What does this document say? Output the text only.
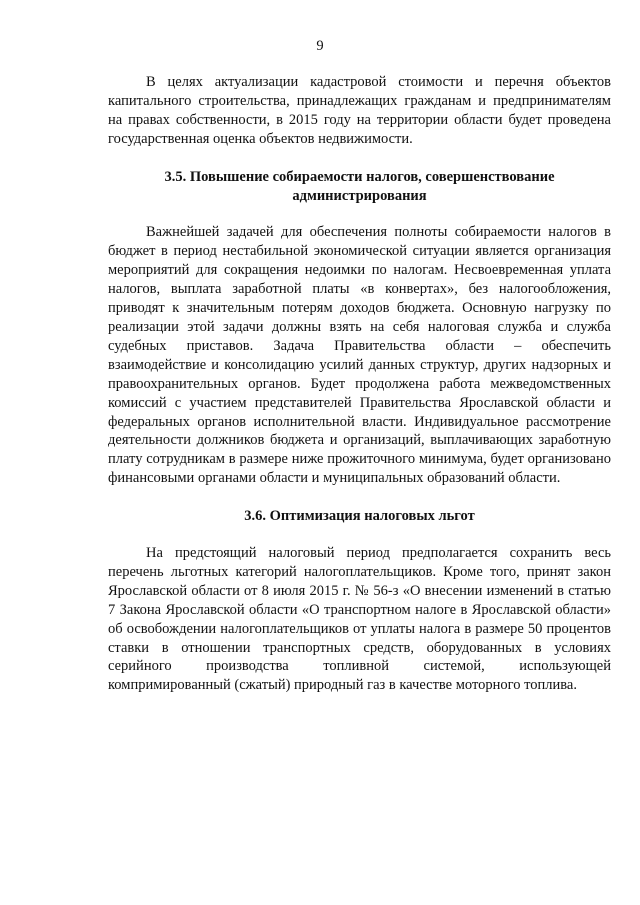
9

В целях актуализации кадастровой стоимости и перечня объектов капитального строительства, принадлежащих гражданам и предпринимателям на правах собственности, в 2015 году на территории области будет проведена государственная оценка объектов недвижимости.

3.5. Повышение собираемости налогов, совершенствование
администрирования

Важнейшей задачей для обеспечения полноты собираемости налогов в бюджет в период нестабильной экономической ситуации является организация мероприятий для сокращения недоимки по налогам. Несвоевременная уплата налогов, выплата заработной платы «в конвертах», без налогообложения, приводят к значительным потерям доходов бюджета. Основную нагрузку по реализации этой задачи должны взять на себя налоговая служба и служба судебных приставов. Задача Правительства области – обеспечить взаимодействие и консолидацию усилий данных структур, других надзорных и правоохранительных органов. Будет продолжена работа межведомственных комиссий с участием представителей Правительства Ярославской области и федеральных органов исполнительной власти. Индивидуальное рассмотрение деятельности должников бюджета и организаций, выплачивающих заработную плату сотрудникам в размере ниже прожиточного минимума, будет организовано финансовыми органами области и муниципальных образований области.

3.6. Оптимизация налоговых льгот

На предстоящий налоговый период предполагается сохранить весь перечень льготных категорий налогоплательщиков. Кроме того, принят закон Ярославской области от 8 июля 2015 г. № 56-з «О внесении изменений в статью 7 Закона Ярославской области «О транспортном налоге в Ярославской области» об освобождении налогоплательщиков от уплаты налога в размере 50 процентов ставки в отношении транспортных средств, оборудованных в условиях серийного производства топливной системой, использующей компримированный (сжатый) природный газ в качестве моторного топлива.
